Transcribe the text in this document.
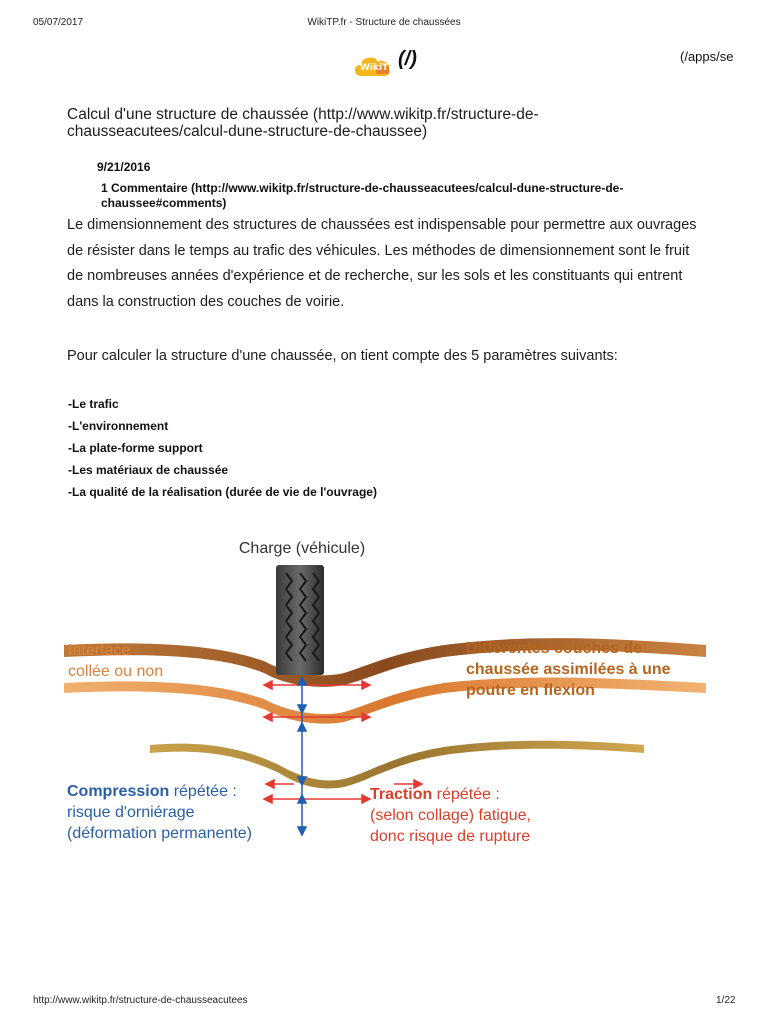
05/07/2017	WikiTP.fr - Structure de chaussées
WikiTP (/)	(/apps/se
Calcul d'une structure de chaussée (http://www.wikitp.fr/structure-de-chausseacutees/calcul-dune-structure-de-chaussee)
9/21/2016
1 Commentaire (http://www.wikitp.fr/structure-de-chausseacutees/calcul-dune-structure-de-chaussee#comments)

Le dimensionnement des structures de chaussées est indispensable pour permettre aux ouvrages de résister dans le temps au trafic des véhicules. Les méthodes de dimensionnement sont le fruit de nombreuses années d'expérience et de recherche, sur les sols et les constituants qui entrent dans la construction des couches de voirie.

Pour calculer la structure d'une chaussée, on tient compte des 5 paramètres suivants:

-Le trafic
-L'environnement
-La plate-forme support
-Les matériaux de chaussée
-La qualité de la réalisation (durée de vie de l'ouvrage)
Charge (véhicule)
Interface collée ou non
Différentes couches de chaussée assimilées à une poutre en flexion
Compression répétée : risque d'orniérage (déformation permanente)
Traction répétée : (selon collage) fatigue, donc risque de rupture
http://www.wikitp.fr/structure-de-chausseacutees	1/22
